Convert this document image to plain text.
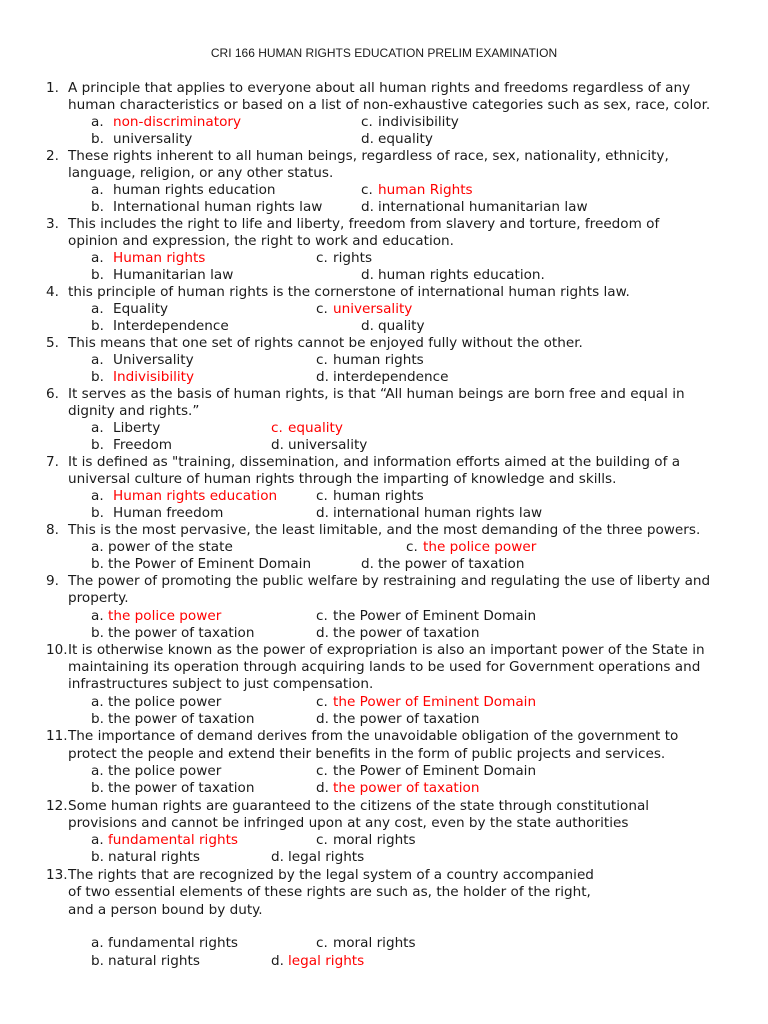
CRI 166 HUMAN RIGHTS EDUCATION PRELIM EXAMINATION
1. A principle that applies to everyone about all human rights and freedoms regardless of any
human characteristics or based on a list of non-exhaustive categories such as sex, race, color.
a. non-discriminatory	c. indivisibility
b. universality	d. equality
2. These rights inherent to all human beings, regardless of race, sex, nationality, ethnicity,
language, religion, or any other status.
a. human rights education	c. human Rights
b. International human rights law	d. international humanitarian law
3. This includes the right to life and liberty, freedom from slavery and torture, freedom of
opinion and expression, the right to work and education.
a. Human rights	c. rights
b. Humanitarian law	d. human rights education.
4. this principle of human rights is the cornerstone of international human rights law.
a. Equality	c. universality
b. Interdependence	d. quality
5. This means that one set of rights cannot be enjoyed fully without the other.
a. Universality	c. human rights
b. Indivisibility	d. interdependence
6. It serves as the basis of human rights, is that “All human beings are born free and equal in
dignity and rights.”
a. Liberty	c. equality
b. Freedom	d. universality
7. It is defined as "training, dissemination, and information efforts aimed at the building of a
universal culture of human rights through the imparting of knowledge and skills.
a. Human rights education	c. human rights
b. Human freedom	d. international human rights law
8. This is the most pervasive, the least limitable, and the most demanding of the three powers.
a. power of the state	c. the police power
b. the Power of Eminent Domain	d. the power of taxation
9. The power of promoting the public welfare by restraining and regulating the use of liberty and
property.
a. the police power	c. the Power of Eminent Domain
b. the power of taxation	d. the power of taxation
10. It is otherwise known as the power of expropriation is also an important power of the State in
maintaining its operation through acquiring lands to be used for Government operations and
infrastructures subject to just compensation.
a. the police power	c. the Power of Eminent Domain
b. the power of taxation	d. the power of taxation
11. The importance of demand derives from the unavoidable obligation of the government to
protect the people and extend their benefits in the form of public projects and services.
a. the police power	c. the Power of Eminent Domain
b. the power of taxation	d. the power of taxation
12. Some human rights are guaranteed to the citizens of the state through constitutional
provisions and cannot be infringed upon at any cost, even by the state authorities
a. fundamental rights	c. moral rights
b. natural rights	d. legal rights
13. The rights that are recognized by the legal system of a country accompanied
of two essential elements of these rights are such as, the holder of the right,
and a person bound by duty.
a. fundamental rights	c. moral rights
b. natural rights	d. legal rights
